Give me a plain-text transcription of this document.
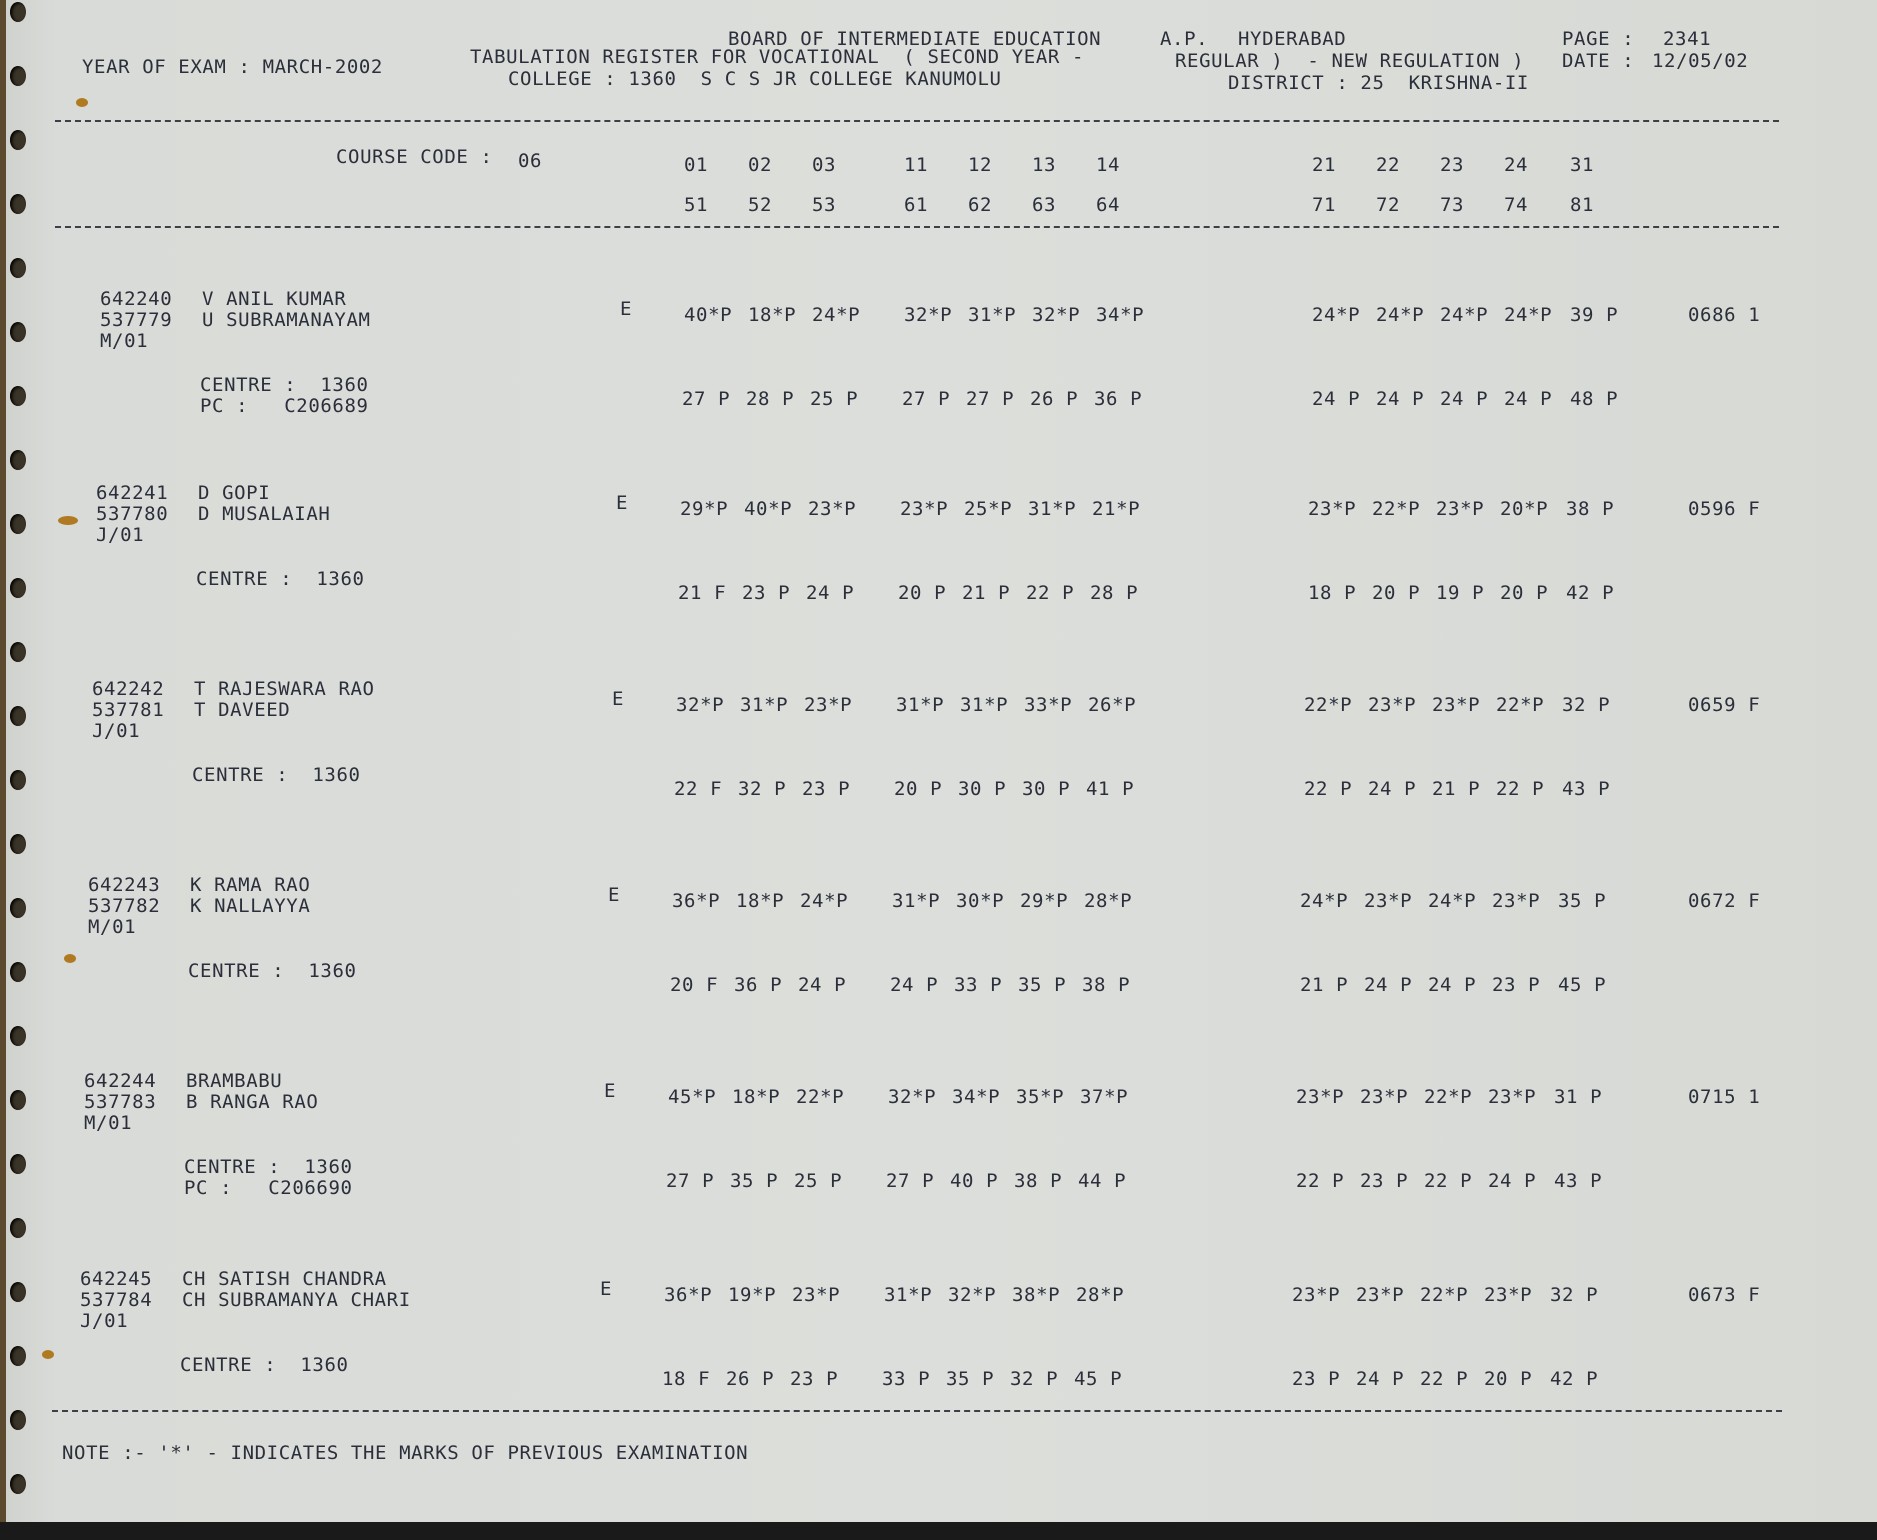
BOARD OF INTERMEDIATE EDUCATION	A.P. HYDERABAD	PAGE : 2341
YEAR OF EXAM : MARCH-2002	TABULATION REGISTER FOR VOCATIONAL  ( SECOND YEAR -	REGULAR )  - NEW REGULATION ) DATE : 12/05/02
COLLEGE : 1360  S C S JR COLLEGE KANUMOLU	DISTRICT : 25  KRISHNA-II
COURSE CODE : 06	01 02 03	11 12 13 14	21 22 23 24 31
51 52 53	61 62 63 64	71 72 73 74 81
642240 V ANIL KUMAR
537779 U SUBRAMANAYAM
M/01
E	40*P 18*P 24*P 32*P 31*P 32*P 34*P	24*P 24*P 24*P 24*P 39 P	0686 1
CENTRE :  1360
PC :   C206689	27 P 28 P 25 P 27 P 27 P 26 P 36 P	24 P 24 P 24 P 24 P 48 P
642241 D GOPI
537780 D MUSALAIAH
J/01
E	29*P 40*P 23*P 23*P 25*P 31*P 21*P	23*P 22*P 23*P 20*P 38 P	0596 F
CENTRE :  1360
21 F 23 P 24 P 20 P 21 P 22 P 28 P	18 P 20 P 19 P 20 P 42 P
642242 T RAJESWARA RAO
537781 T DAVEED
J/01
E	32*P 31*P 23*P 31*P 31*P 33*P 26*P	22*P 23*P 23*P 22*P 32 P	0659 F
CENTRE :  1360
22 F 32 P 23 P 20 P 30 P 30 P 41 P	22 P 24 P 21 P 22 P 43 P
642243 K RAMA RAO
537782 K NALLAYYA
M/01
E	36*P 18*P 24*P 31*P 30*P 29*P 28*P	24*P 23*P 24*P 23*P 35 P	0672 F
CENTRE :  1360
20 F 36 P 24 P 24 P 33 P 35 P 38 P	21 P 24 P 24 P 23 P 45 P
642244 BRAMBABU
537783 B RANGA RAO
M/01
E	45*P 18*P 22*P 32*P 34*P 35*P 37*P	23*P 23*P 22*P 23*P 31 P	0715 1
CENTRE :  1360
PC :   C206690	27 P 35 P 25 P 27 P 40 P 38 P 44 P	22 P 23 P 22 P 24 P 43 P
642245 CH SATISH CHANDRA
537784 CH SUBRAMANYA CHARI
J/01
E	36*P 19*P 23*P 31*P 32*P 38*P 28*P	23*P 23*P 22*P 23*P 32 P	0673 F
CENTRE :  1360
18 F 26 P 23 P 33 P 35 P 32 P 45 P	23 P 24 P 22 P 20 P 42 P
NOTE :- '*' - INDICATES THE MARKS OF PREVIOUS EXAMINATION
